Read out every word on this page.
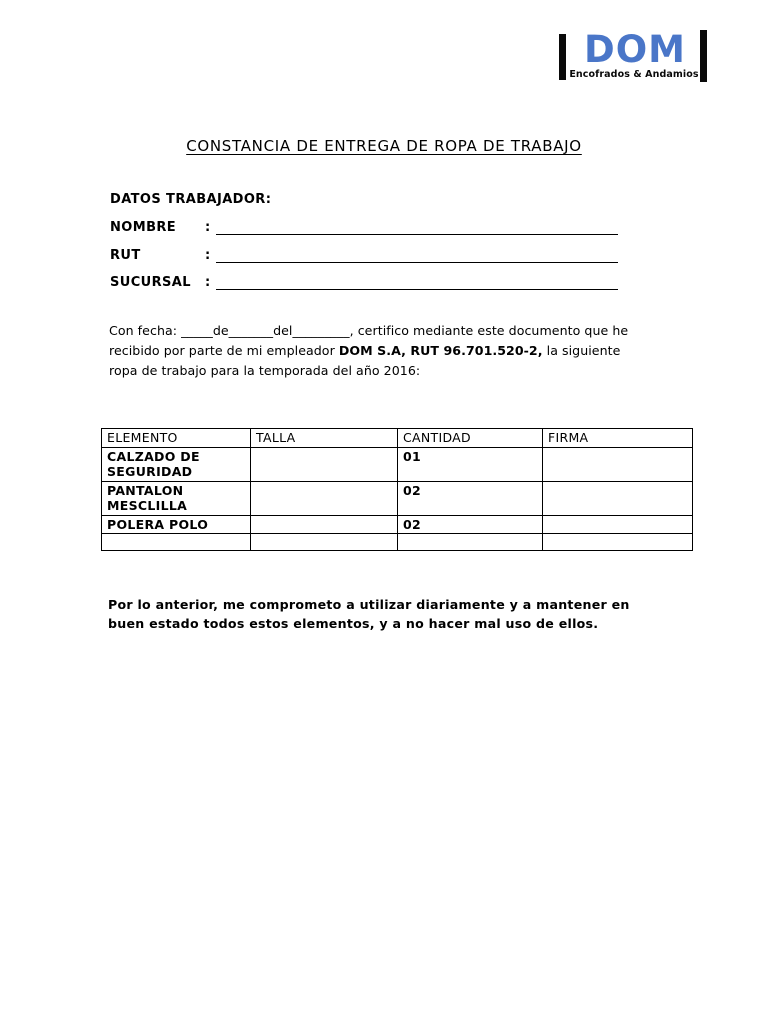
DOM
Encofrados & Andamios
CONSTANCIA DE ENTREGA DE ROPA DE TRABAJO
DATOS TRABAJADOR:
NOMBRE :
RUT	:
SUCURSAL :
Con fecha: _____de_______del_________, certifico mediante este documento que he recibido por parte de mi empleador DOM S.A, RUT 96.701.520-2, la siguiente ropa de trabajo para la temporada del año 2016:
ELEMENTO	TALLA	CANTIDAD	FIRMA
CALZADO DE SEGURIDAD		01	
PANTALON MESCLILLA		02	
POLERA POLO		02	

Por lo anterior, me comprometo a utilizar diariamente y a mantener en buen estado todos estos elementos, y a no hacer mal uso de ellos.
